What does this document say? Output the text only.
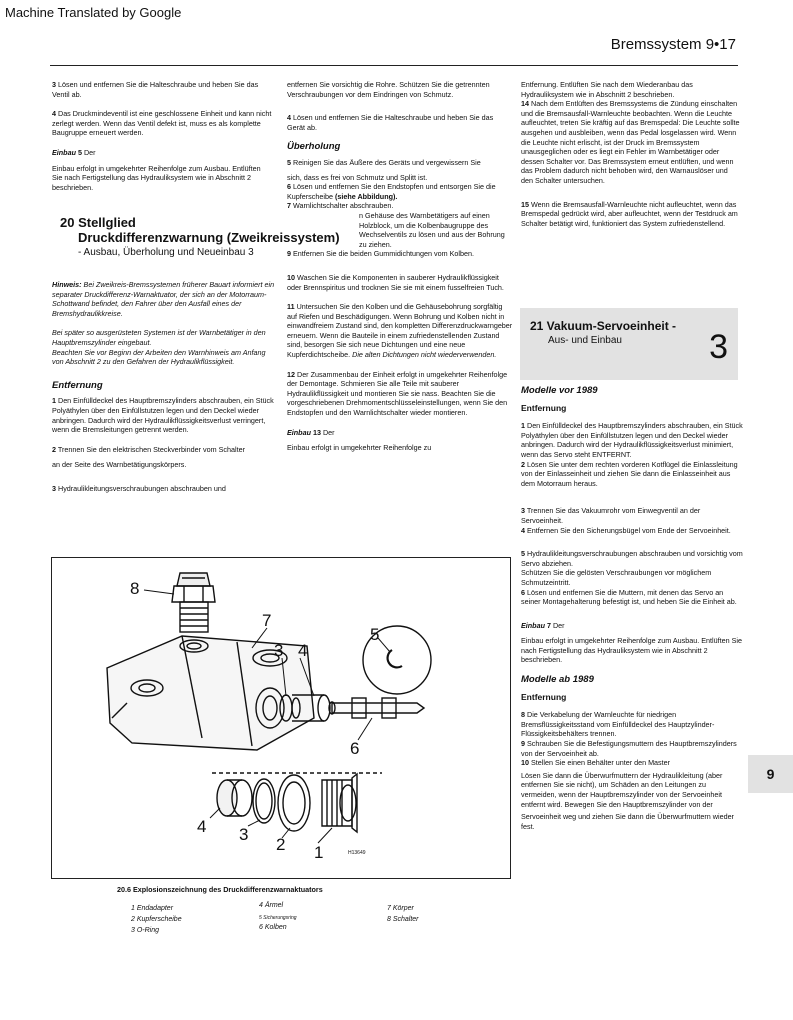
Machine Translated by Google
Bremssystem 9•17

3 Lösen und entfernen Sie die Halteschraube und heben Sie das Ventil ab.

4 Das Druckmindeventil ist eine geschlossene Einheit und kann nicht zerlegt werden. Wenn das Ventil defekt ist, muss es als komplette Baugruppe erneuert werden.

Einbau 5 Der

Einbau erfolgt in umgekehrter Reihenfolge zum Ausbau. Entlüften Sie nach Fertigstellung das Hydrauliksystem wie in Abschnitt 2 beschrieben.

20 Stellglied
Druckdifferenzwarnung (Zweikreissystem)
- Ausbau, Überholung und Neueinbau 3

Hinweis: Bei Zweikreis-Bremssystemen früherer Bauart informiert ein separater Druckdifferenz-Warnaktuator, der sich an der Motorraum-Schottwand befindet, den Fahrer über den Ausfall eines der Bremshydraulikkreise.

Bei später so ausgerüsteten Systemen ist der Warnbetätiger in den Hauptbremszylinder eingebaut.

Beachten Sie vor Beginn der Arbeiten den Warnhinweis am Anfang von Abschnitt 2 zu den Gefahren der Hydraulikflüssigkeit.

Entfernung

1 Den Einfülldeckel des Hauptbremszylinders abschrauben, ein Stück Polyäthylen über den Einfüllstutzen legen und den Deckel wieder anbringen. Dadurch wird der Hydraulikflüssigkeitsverlust verringert, wenn die Bremsleitungen getrennt werden.

2 Trennen Sie den elektrischen Steckverbinder vom Schalter

an der Seite des Warnbetätigungskörpers.

3 Hydraulikleitungsverschraubungen abschrauben und

entfernen Sie vorsichtig die Rohre. Schützen Sie die getrennten Verschraubungen vor dem Eindringen von Schmutz.

4 Lösen und entfernen Sie die Halteschraube und heben Sie das Gerät ab.

Überholung

5 Reinigen Sie das Äußere des Geräts und vergewissern Sie

sich, dass es frei von Schmutz und Splitt ist.

6 Lösen und entfernen Sie den Endstopfen und entsorgen Sie die Kupferscheibe (siehe Abbildung).

7 Warnlichtschalter abschrauben.

n Gehäuse des Warnbetätigers auf einen Holzblock, um die Kolbenbaugruppe des Wechselventils zu lösen und aus der Bohrung zu ziehen.

9 Entfernen Sie die beiden Gummidichtungen vom Kolben.

10 Waschen Sie die Komponenten in sauberer Hydraulikflüssigkeit oder Brennspiritus und trocknen Sie sie mit einem fusselfreien Tuch.

11 Untersuchen Sie den Kolben und die Gehäusebohrung sorgfältig auf Riefen und Beschädigungen. Wenn Bohrung und Kolben nicht in einwandfreiem Zustand sind, den kompletten Differenzdruckwarngeber erneuern. Wenn die Bauteile in einem zufriedenstellenden Zustand sind, besorgen Sie sich neue Dichtungen und eine neue Kupferdichtscheibe. Die alten Dichtungen nicht wiederverwenden.

12 Der Zusammenbau der Einheit erfolgt in umgekehrter Reihenfolge der Demontage. Schmieren Sie alle Teile mit sauberer Hydraulikflüssigkeit und montieren Sie sie nass. Beachten Sie die vorgeschriebenen Drehmomentschlüsseleinstellungen, wenn Sie den Endstopfen und den Warnlichtschalter wieder montieren.

Einbau 13 Der

Einbau erfolgt in umgekehrter Reihenfolge zu

Entfernung. Entlüften Sie nach dem Wiederanbau das Hydrauliksystem wie in Abschnitt 2 beschrieben.

14 Nach dem Entlüften des Bremssystems die Zündung einschalten und die Bremsausfall-Warnleuchte beobachten. Wenn die Leuchte aufleuchtet, treten Sie kräftig auf das Bremspedal: Die Leuchte sollte ausgehen und ausbleiben, wenn das Pedal losgelassen wird. Wenn die Leuchte nicht erlischt, ist der Druck im Bremssystem unausgeglichen oder es liegt ein Fehler im Warnbetätiger oder dessen Schalter vor. Das Bremssystem erneut entlüften, und wenn das Problem dadurch nicht behoben wird, den Warnauslöser und den Schalter untersuchen.

15 Wenn die Bremsausfall-Warnleuchte nicht aufleuchtet, wenn das Bremspedal gedrückt wird, aber aufleuchtet, wenn der Testdruck am Schalter betätigt wird, funktioniert das System zufriedenstellend.

21 Vakuum-Servoeinheit -
Aus- und Einbau	3
Modelle vor 1989
Entfernung

1 Den Einfülldeckel des Hauptbremszylinders abschrauben, ein Stück Polyäthylen über den Einfüllstutzen legen und den Deckel wieder anbringen. Dadurch wird der Hydraulikflüssigkeitsverlust minimiert, wenn das Servo steht ENTFERNT.

2 Lösen Sie unter dem rechten vorderen Kotflügel die Einlassleitung von der Einlasseinheit und ziehen Sie dann die Einlasseinheit aus dem Motorraum heraus.

3 Trennen Sie das Vakuumrohr vom Einwegventil an der Servoeinheit.

4 Entfernen Sie den Sicherungsbügel vom Ende der Servoeinheit.

5 Hydraulikleitungsverschraubungen abschrauben und vorsichtig vom Servo abziehen.

Schützen Sie die gelösten Verschraubungen vor möglichem Schmutzeintritt.

6 Lösen und entfernen Sie die Muttern, mit denen das Servo an seiner Montagehalterung befestigt ist, und heben Sie die Einheit ab.

Einbau 7 Der

Einbau erfolgt in umgekehrter Reihenfolge zum Ausbau. Entlüften Sie nach Fertigstellung das Hydrauliksystem wie in Abschnitt 2 beschrieben.

Modelle ab 1989
Entfernung

8 Die Verkabelung der Warnleuchte für niedrigen Bremsflüssigkeitsstand vom Einfülldeckel des Hauptzylinder-Flüssigkeitsbehälters trennen.

9 Schrauben Sie die Befestigungsmuttern des Hauptbremszylinders von der Servoeinheit ab.

10 Stellen Sie einen Behälter unter den Master

Lösen Sie dann die Überwurfmuttern der Hydraulikleitung (aber entfernen Sie sie nicht), um Schäden an den Leitungen zu vermeiden, wenn der Hauptbremszylinder von der Servoeinheit entfernt wird. Bewegen Sie den Hauptbremszylinder von der

Servoeinheit weg und ziehen Sie dann die Überwurfmuttern wieder fest.

9
8
7
3 4
5
6
4 3
2 1	H13649
20.6 Explosionszeichnung des Druckdifferenzwarnaktuators
1 Endadapter
2 Kupferscheibe
3 O-Ring
4 Ärmel
5 Sicherungsring
6 Kolben
7 Körper
8 Schalter
